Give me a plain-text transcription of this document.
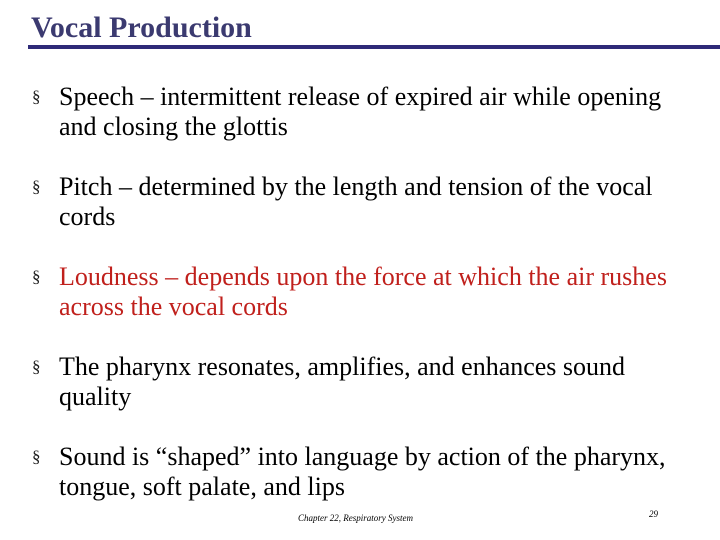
Vocal Production
§ Speech – intermittent release of expired air while opening and closing the glottis
§ Pitch – determined by the length and tension of the vocal cords
§ Loudness – depends upon the force at which the air rushes across the vocal cords
§ The pharynx resonates, amplifies, and enhances sound quality
§ Sound is “shaped” into language by action of the pharynx, tongue, soft palate, and lips
Chapter 22, Respiratory System	29
